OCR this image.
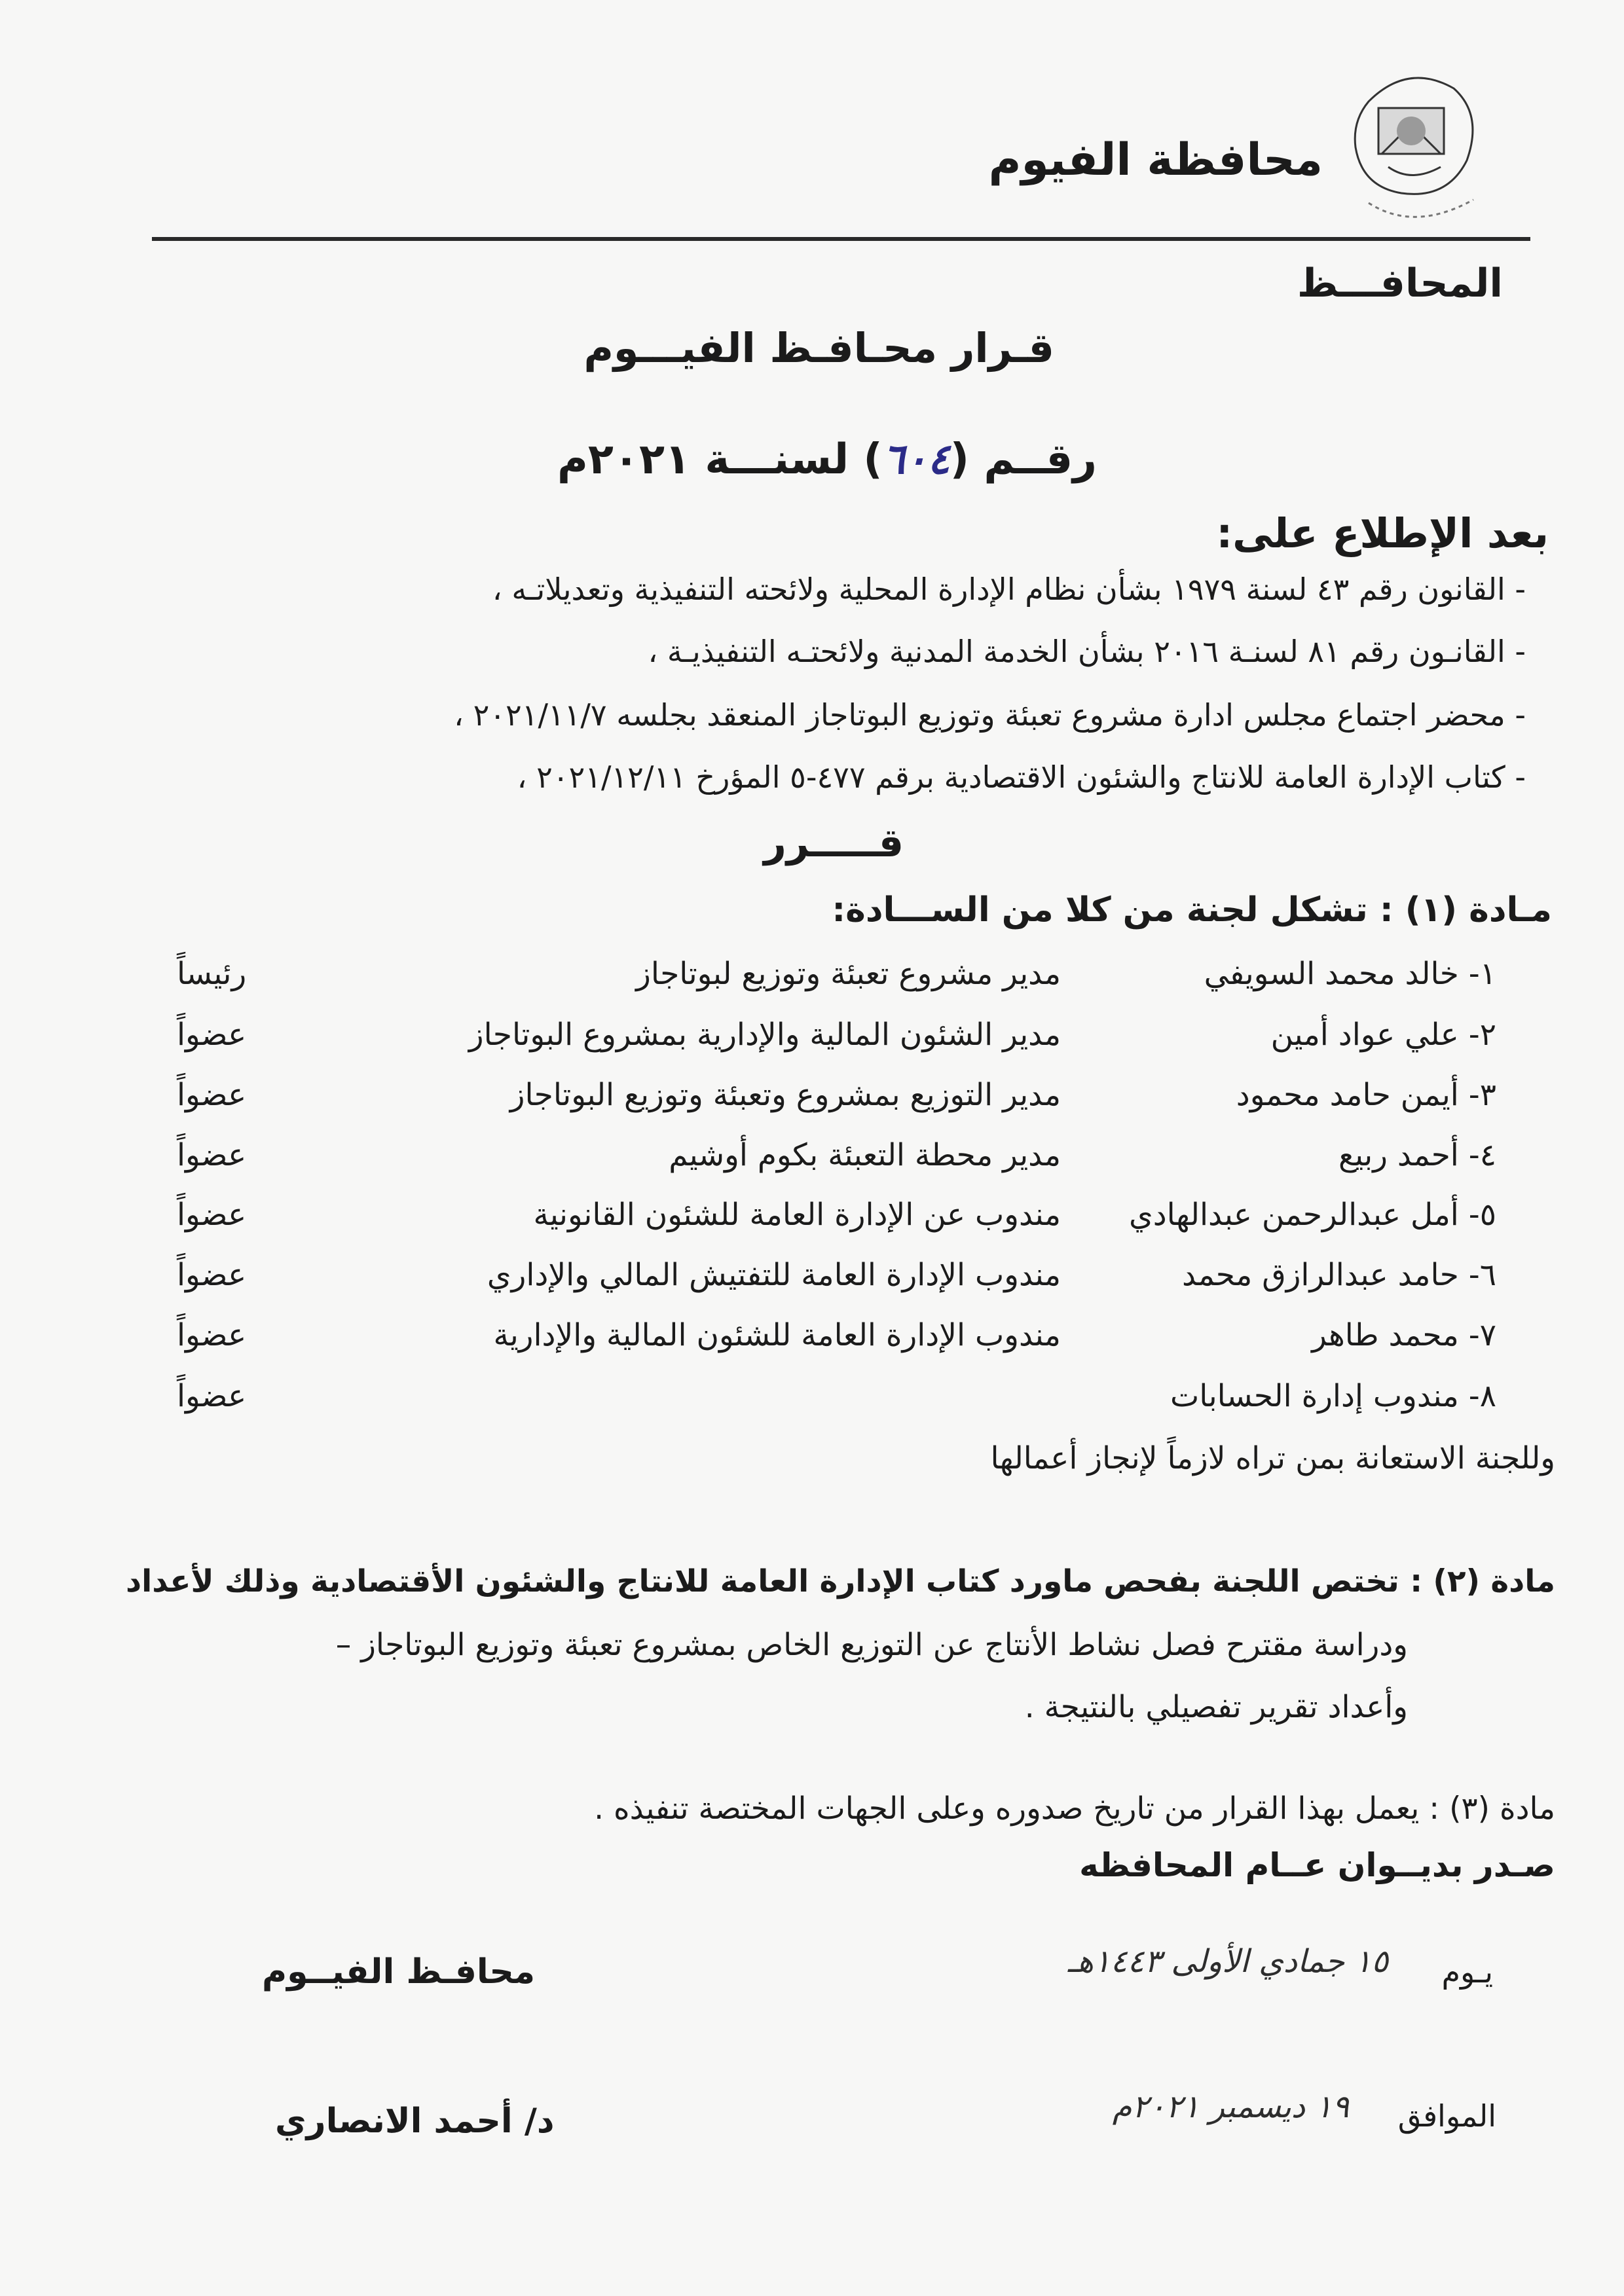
محافظة الفيوم
المحافـــظ
قـرار محـافـظ الفيـــوم
رقــم (٦٠٤) لسنـــة ٢٠٢١م
بعد الإطلاع على:
- القانون رقم ٤٣ لسنة ١٩٧٩ بشأن نظام الإدارة المحلية ولائحته التنفيذية وتعديلاتـه ،
- القانـون رقم ٨١ لسنـة ٢٠١٦ بشأن الخدمة المدنية ولائحتـه التنفيذيـة ،
- محضر اجتماع مجلس ادارة مشروع تعبئة وتوزيع البوتاجاز المنعقد بجلسه ٢٠٢١/١١/٧ ،
- كتاب الإدارة العامة للانتاج والشئون الاقتصادية برقم ٤٧٧-٥ المؤرخ ٢٠٢١/١٢/١١ ،
قـــــرر
مـادة (١) : تشكل لجنة من كلا من الســـادة:
١- خالد محمد السويفي
مدير مشروع تعبئة وتوزيع لبوتاجاز
رئيساً
٢- علي عواد أمين
مدير الشئون المالية والإدارية بمشروع البوتاجاز
عضواً
٣- أيمن حامد محمود
مدير التوزيع بمشروع وتعبئة وتوزيع البوتاجاز
عضواً
٤- أحمد ربيع
مدير محطة التعبئة بكوم أوشيم
عضواً
٥- أمل عبدالرحمن عبدالهادي
مندوب عن الإدارة العامة للشئون القانونية
عضواً
٦- حامد عبدالرازق محمد
مندوب الإدارة العامة للتفتيش المالي والإداري
عضواً
٧- محمد طاهر
مندوب الإدارة العامة للشئون المالية والإدارية
عضواً
٨- مندوب إدارة الحسابات
عضواً
وللجنة الاستعانة بمن تراه لازماً لإنجاز أعمالها
مادة (٢) : تختص اللجنة بفحص ماورد كتاب الإدارة العامة للانتاج والشئون الأقتصادية وذلك لأعداد
ودراسة مقترح فصل نشاط الأنتاج عن التوزيع الخاص بمشروع تعبئة وتوزيع البوتاجاز –
وأعداد تقرير تفصيلي بالنتيجة .
مادة (٣) : يعمل بهذا القرار من تاريخ صدوره وعلى الجهات المختصة تنفيذه .
صـدر بديــوان عــام المحافظه
يـوم
١٥ جمادي الأولى ١٤٤٣هـ
محافـظ الفيــوم
الموافق
١٩ ديسمبر ٢٠٢١م
د/ أحمد الانصاري
